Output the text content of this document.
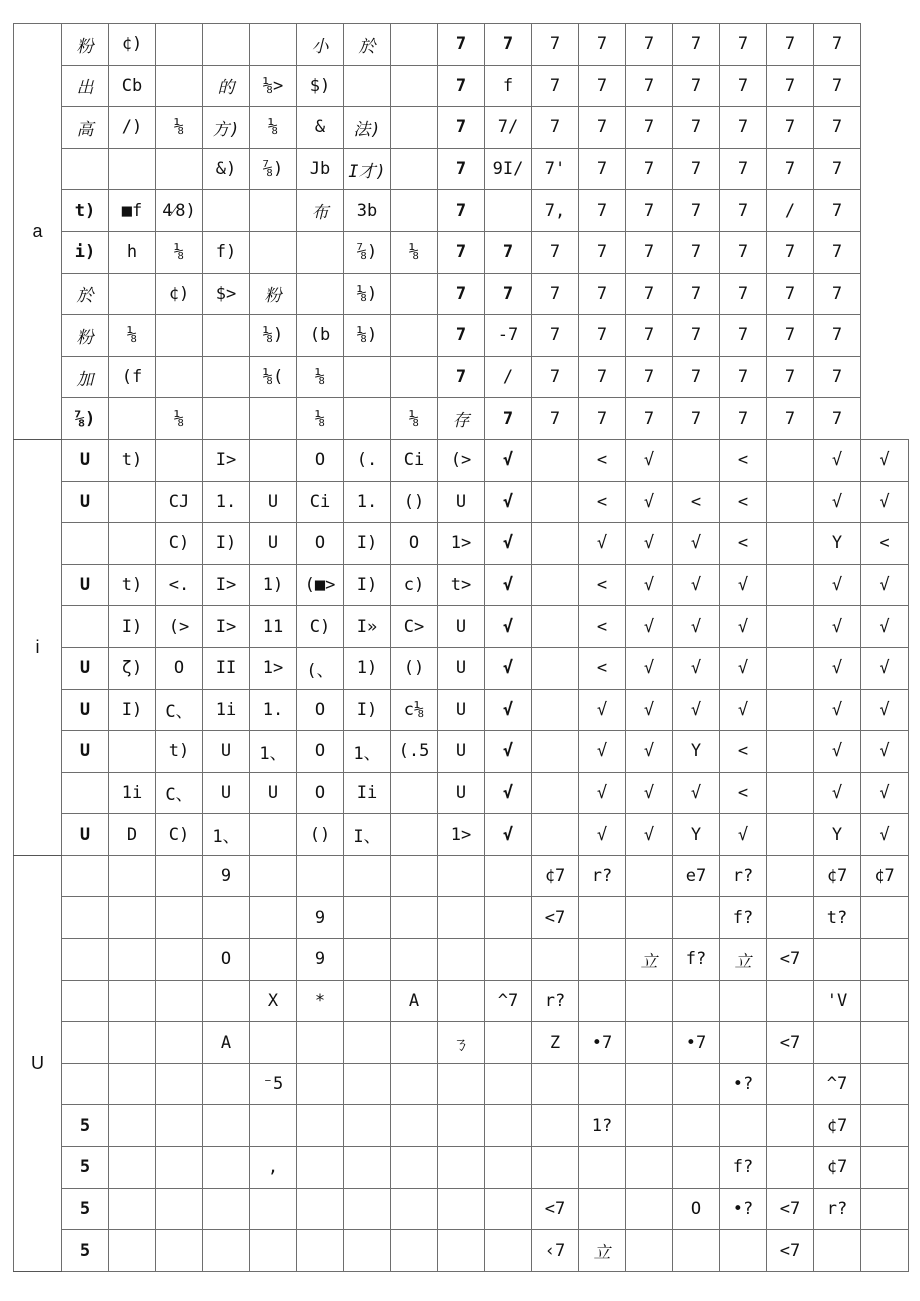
a	粉	¢)				小	於		7	7	7	7	7	7	7	7	7	
	出	Cb		的	⅛>	$)			7	f	7	7	7	7	7	7	7	
	高	/)	⅛	方)	⅛	&	法)		7	7/	7	7	7	7	7	7	7	
				&)	⅞)	Jb	I才)		7	9I/	7'	7	7	7	7	7	7	
	t)	■f	4⁄8)			布	3b		7		7,	7	7	7	7	/	7	
	i)	h	⅛	f)			⅞)	⅛	7	7	7	7	7	7	7	7	7	
	於		¢)	$>	粉		⅛)		7	7	7	7	7	7	7	7	7	
	粉	⅛			⅛)	(b	⅛)		7	-7	7	7	7	7	7	7	7	
	加	(f			⅛(	⅛			7	/	7	7	7	7	7	7	7	
	⅞)		⅛			⅛		⅛	存	7	7	7	7	7	7	7	7	
i	U	t)		I>		O	(.	Ci	(>	√		<	√		<		√	√
	U		CJ	1.	U	Ci	1.	()	U	√		<	√	<	<		√	√
			C)	I)	U	O	I)	O	1>	√		√	√	√	<		Y	<
	U	t)	<.	I>	1)	(■>	I)	c)	t>	√		<	√	√	√		√	√
		I)	(>	I>	11	C)	I»	C>	U	√		<	√	√	√		√	√
	U	ζ)	O	II	1>	(、	1)	()	U	√		<	√	√	√		√	√
	U	I)	C、	1i	1.	O	I)	c⅛	U	√		√	√	√	√		√	√
	U		t)	U	1、	O	1、	(.5	U	√		√	√	Y	<		√	√
		1i	C、	U	U	O	Ii		U	√		√	√	√	<		√	√
	U	D	C)	1、		()	I、		1>	√		√	√	Y	√		Y	√
U				9							¢7	r?		e7	r?		¢7	¢7
						9					<7				f?		t?	
				O		9							立	f?	立	<7		
					X	*		A		^7	r?						'V	
				A					ㄋ		Z	•7		•7		<7		
					⁻5										•?		^7	
	5											1?					¢7	
	5				,										f?		¢7	
	5										<7			O	•?	<7	r?	
	5										‹7	立				<7		
